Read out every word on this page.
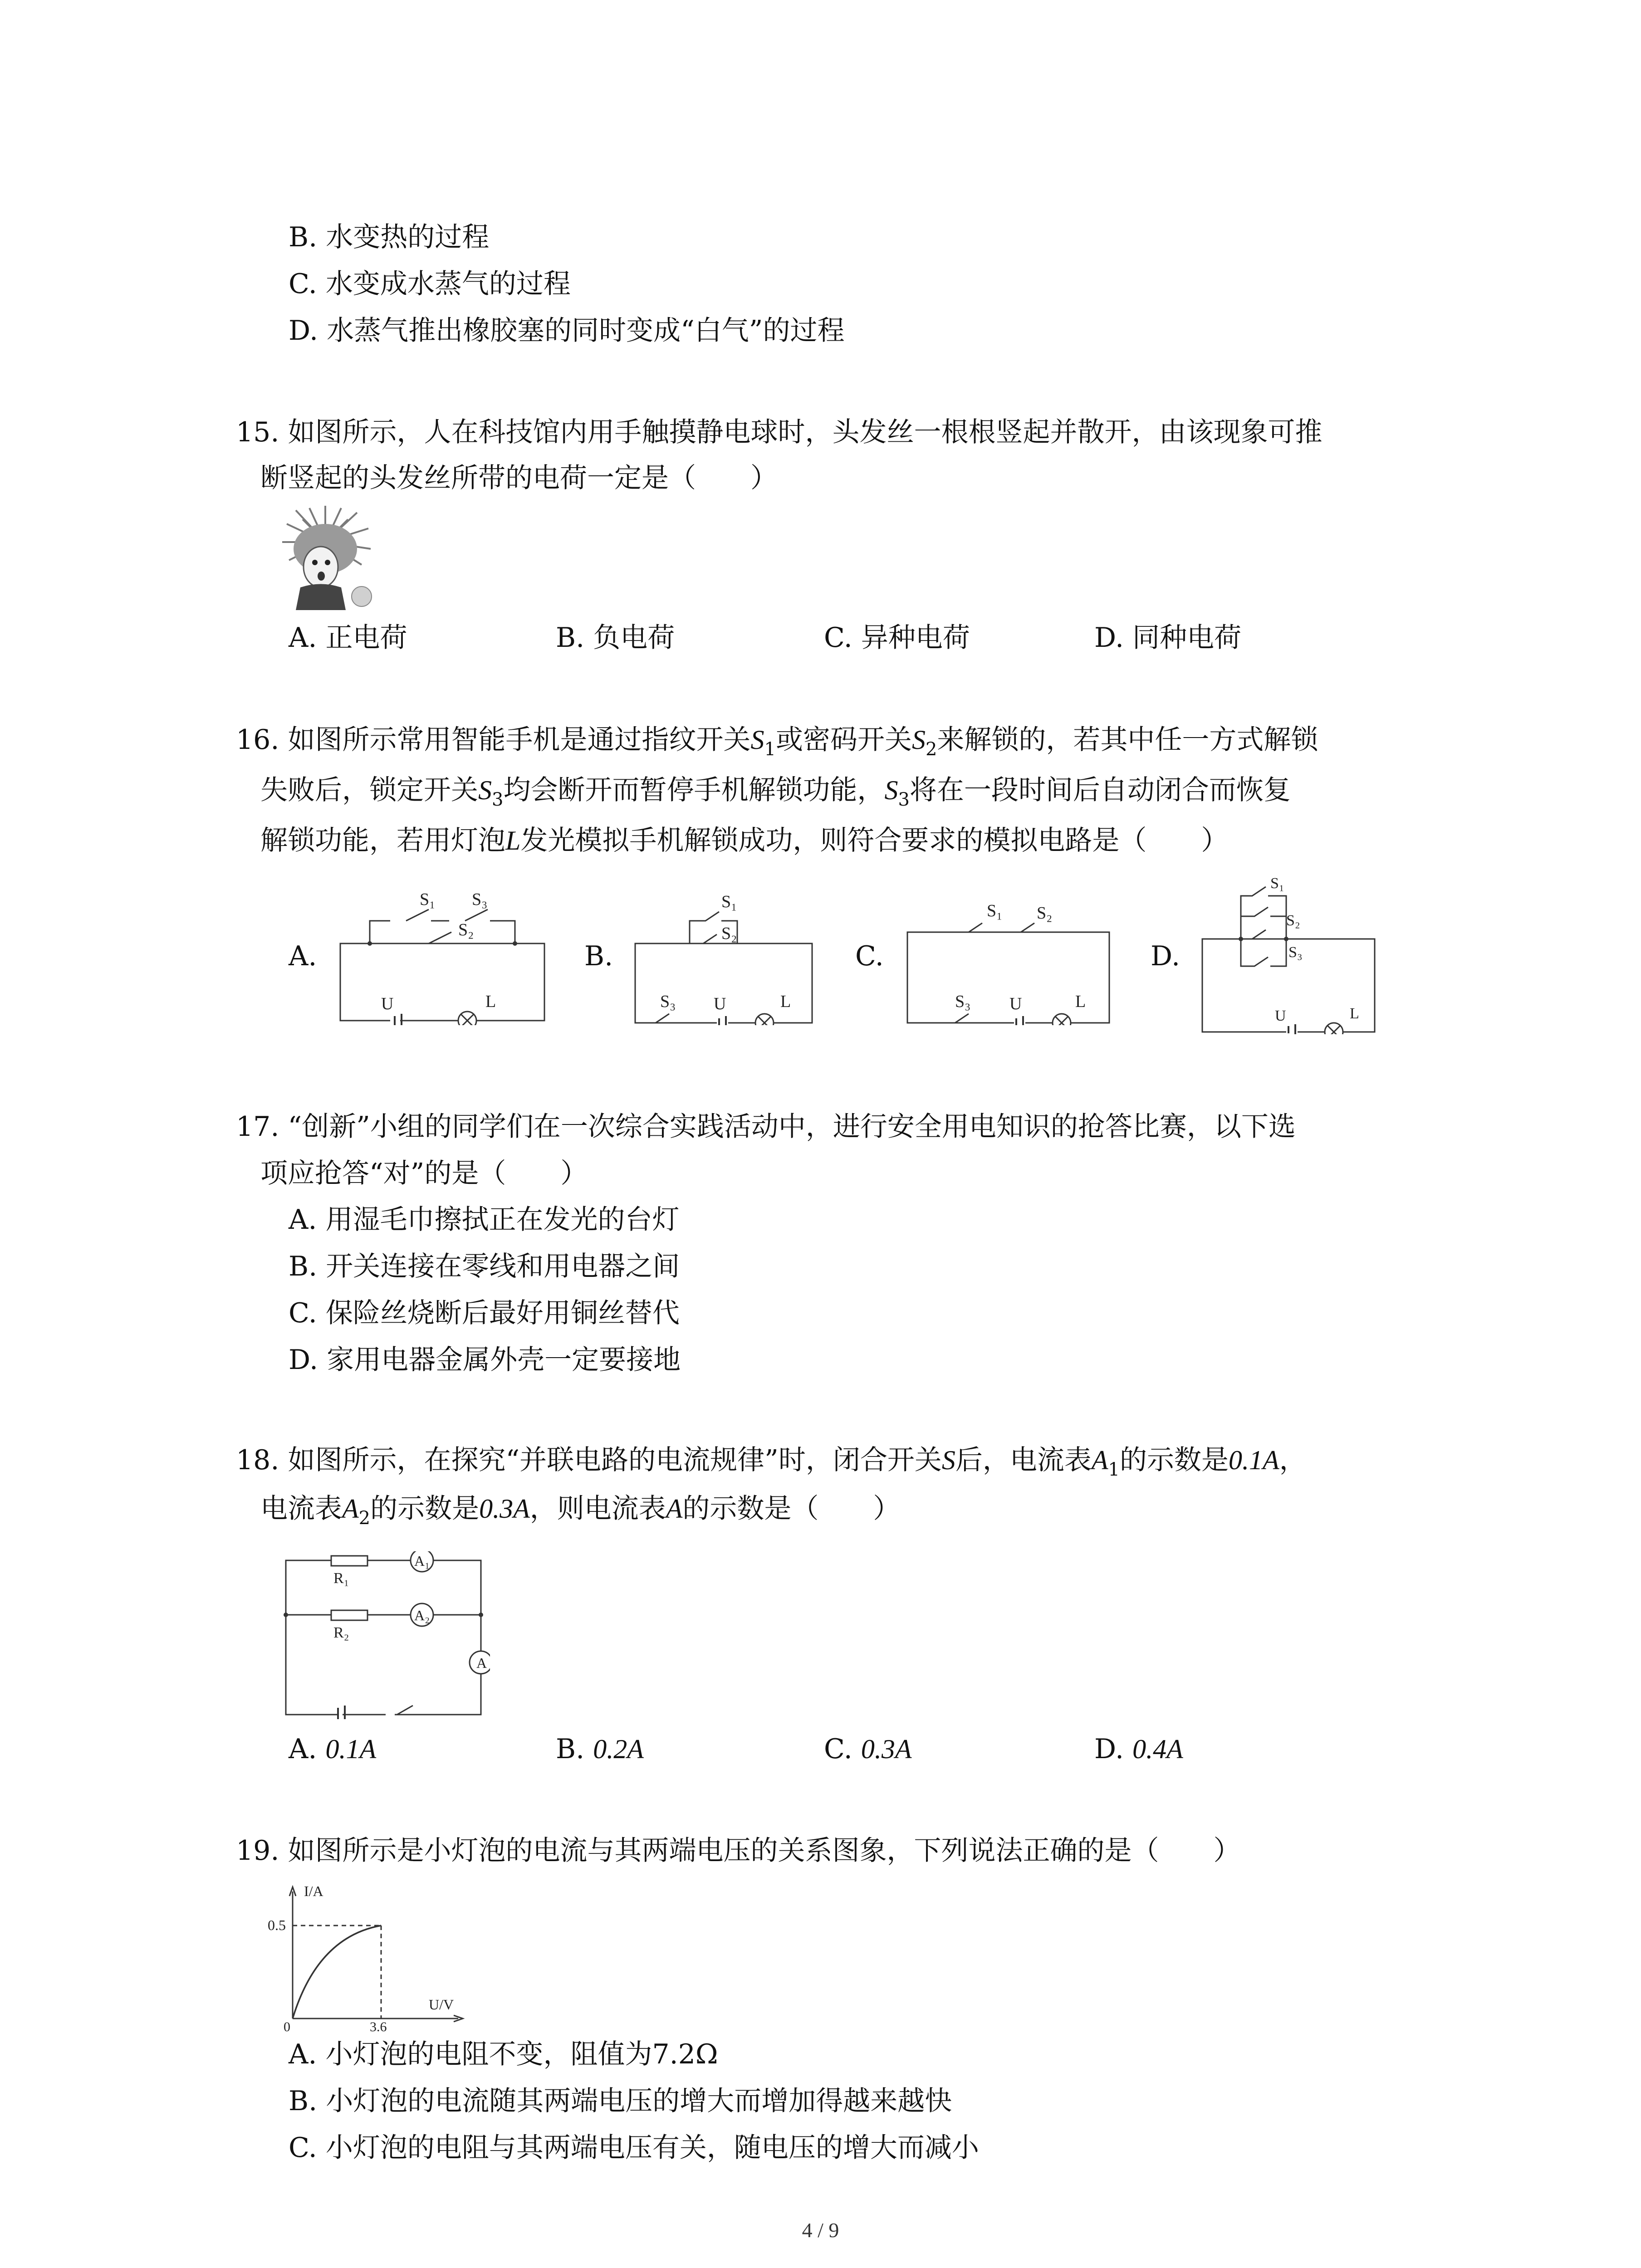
B. 水变热的过程
C. 水变成水蒸气的过程
D. 水蒸气推出橡胶塞的同时变成“白气”的过程
15. 如图所示，人在科技馆内用手触摸静电球时，头发丝一根根竖起并散开，由该现象可推
断竖起的头发丝所带的电荷一定是（　　）
A. 正电荷	B. 负电荷	C. 异种电荷	D. 同种电荷
16. 如图所示常用智能手机是通过指纹开关$S_1$或密码开关$S_2$来解锁的，若其中任一方式解锁
失败后，锁定开关$S_3$均会断开而暂停手机解锁功能，$S_3$将在一段时间后自动闭合而恢复
解锁功能，若用灯泡L发光模拟手机解锁成功，则符合要求的模拟电路是（　　）
A.	B.	C.	D.
S₁ S₃
S₂
U	L
S₁
S₂
S₃ U	L
S₁ S₂
S₃ U	L
S₁
S₂
S₃
U	L
17. “创新”小组的同学们在一次综合实践活动中，进行安全用电知识的抢答比赛，以下选
项应抢答“对”的是（　　）
A. 用湿毛巾擦拭正在发光的台灯
B. 开关连接在零线和用电器之间
C. 保险丝烧断后最好用铜丝替代
D. 家用电器金属外壳一定要接地
18. 如图所示，在探究“并联电路的电流规律”时，闭合开关S后，电流表$A_1$的示数是0.1A，
电流表$A_2$的示数是0.3A，则电流表A的示数是（　　）
R₁
R₂
A₁
A₂
A
A. 0.1A	B. 0.2A	C. 0.3A	D. 0.4A
19. 如图所示是小灯泡的电流与其两端电压的关系图象，下列说法正确的是（　　）
I/A
U/V
0.5
3.6
0
A. 小灯泡的电阻不变，阻值为7.2Ω
B. 小灯泡的电流随其两端电压的增大而增加得越来越快
C. 小灯泡的电阻与其两端电压有关，随电压的增大而减小
4 / 9
